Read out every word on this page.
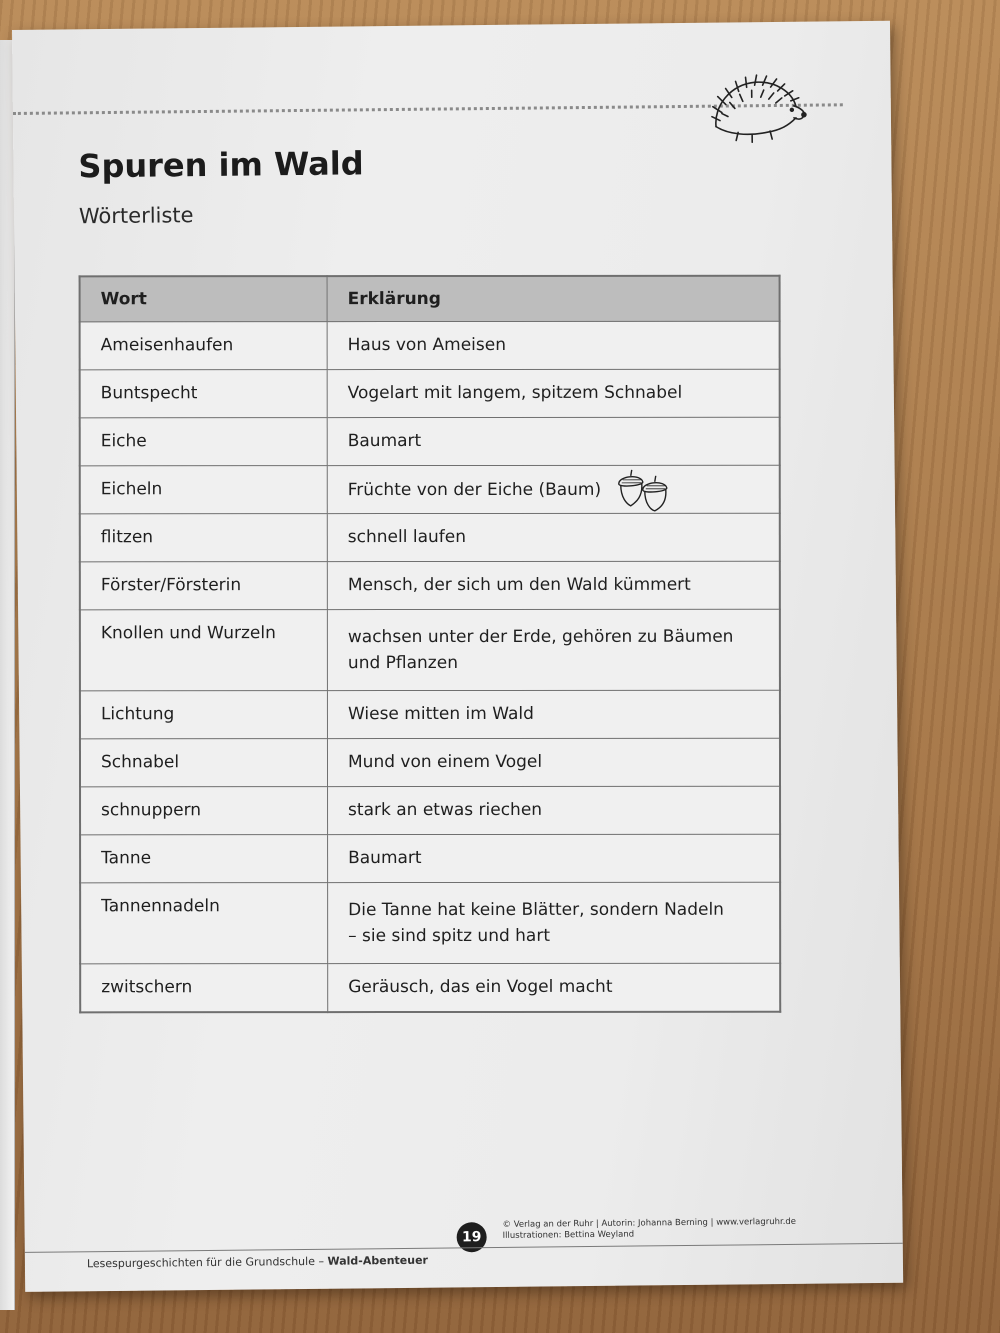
Spuren im Wald
Wörterliste
Wort	Erklärung
Ameisenhaufen	Haus von Ameisen
Buntspecht	Vogelart mit langem, spitzem Schnabel
Eiche	Baumart
Eicheln	Früchte von der Eiche (Baum)
flitzen	schnell laufen
Förster/Försterin	Mensch, der sich um den Wald kümmert
Knollen und Wurzeln	wachsen unter der Erde, gehören zu Bäumen
und Pflanzen
Lichtung	Wiese mitten im Wald
Schnabel	Mund von einem Vogel
schnuppern	stark an etwas riechen
Tanne	Baumart
Tannennadeln	Die Tanne hat keine Blätter, sondern Nadeln
– sie sind spitz und hart
zwitschern	Geräusch, das ein Vogel macht
19
© Verlag an der Ruhr | Autorin: Johanna Berning | www.verlagruhr.de
Illustrationen: Bettina Weyland
Lesespurgeschichten für die Grundschule – Wald-Abenteuer
